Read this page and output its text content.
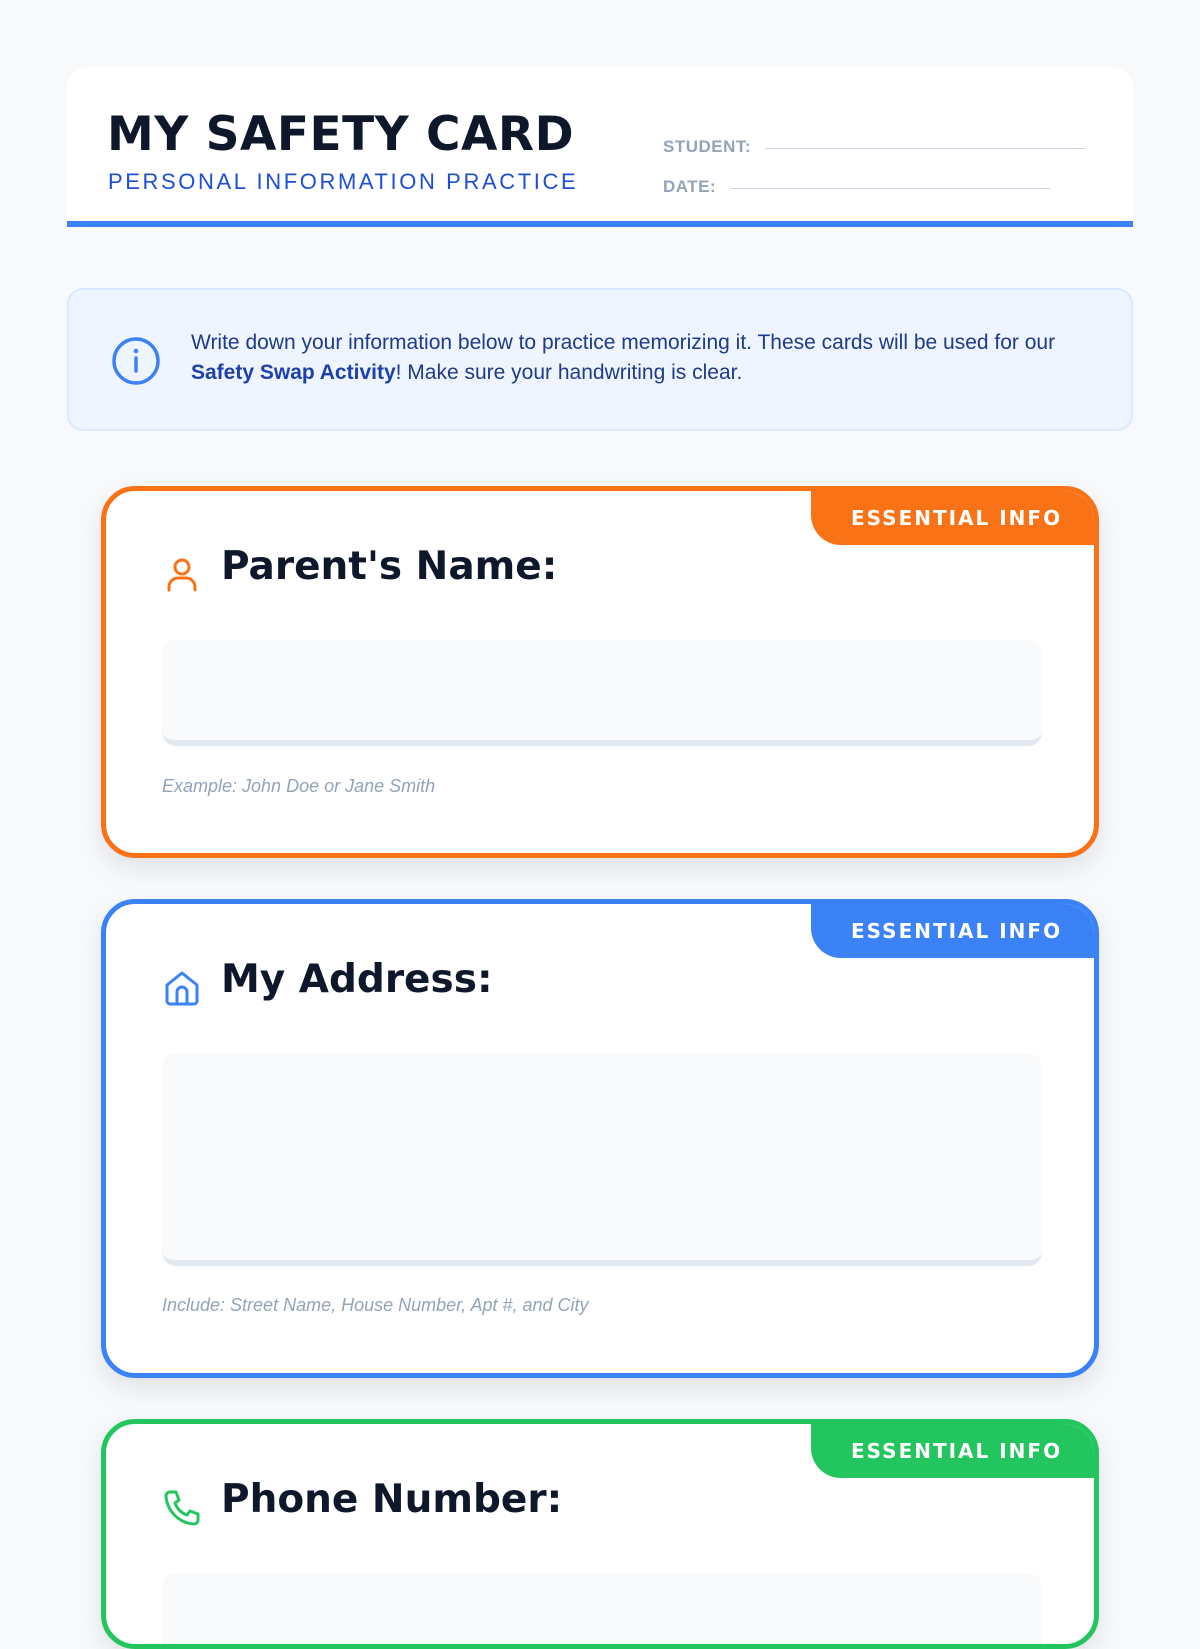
MY SAFETY CARD
PERSONAL INFORMATION PRACTICE
STUDENT:
DATE:
Write down your information below to practice memorizing it. These cards will be used for our Safety Swap Activity! Make sure your handwriting is clear.
ESSENTIAL INFO
Parent's Name:
Example: John Doe or Jane Smith
ESSENTIAL INFO
My Address:
Include: Street Name, House Number, Apt #, and City
ESSENTIAL INFO
Phone Number:
